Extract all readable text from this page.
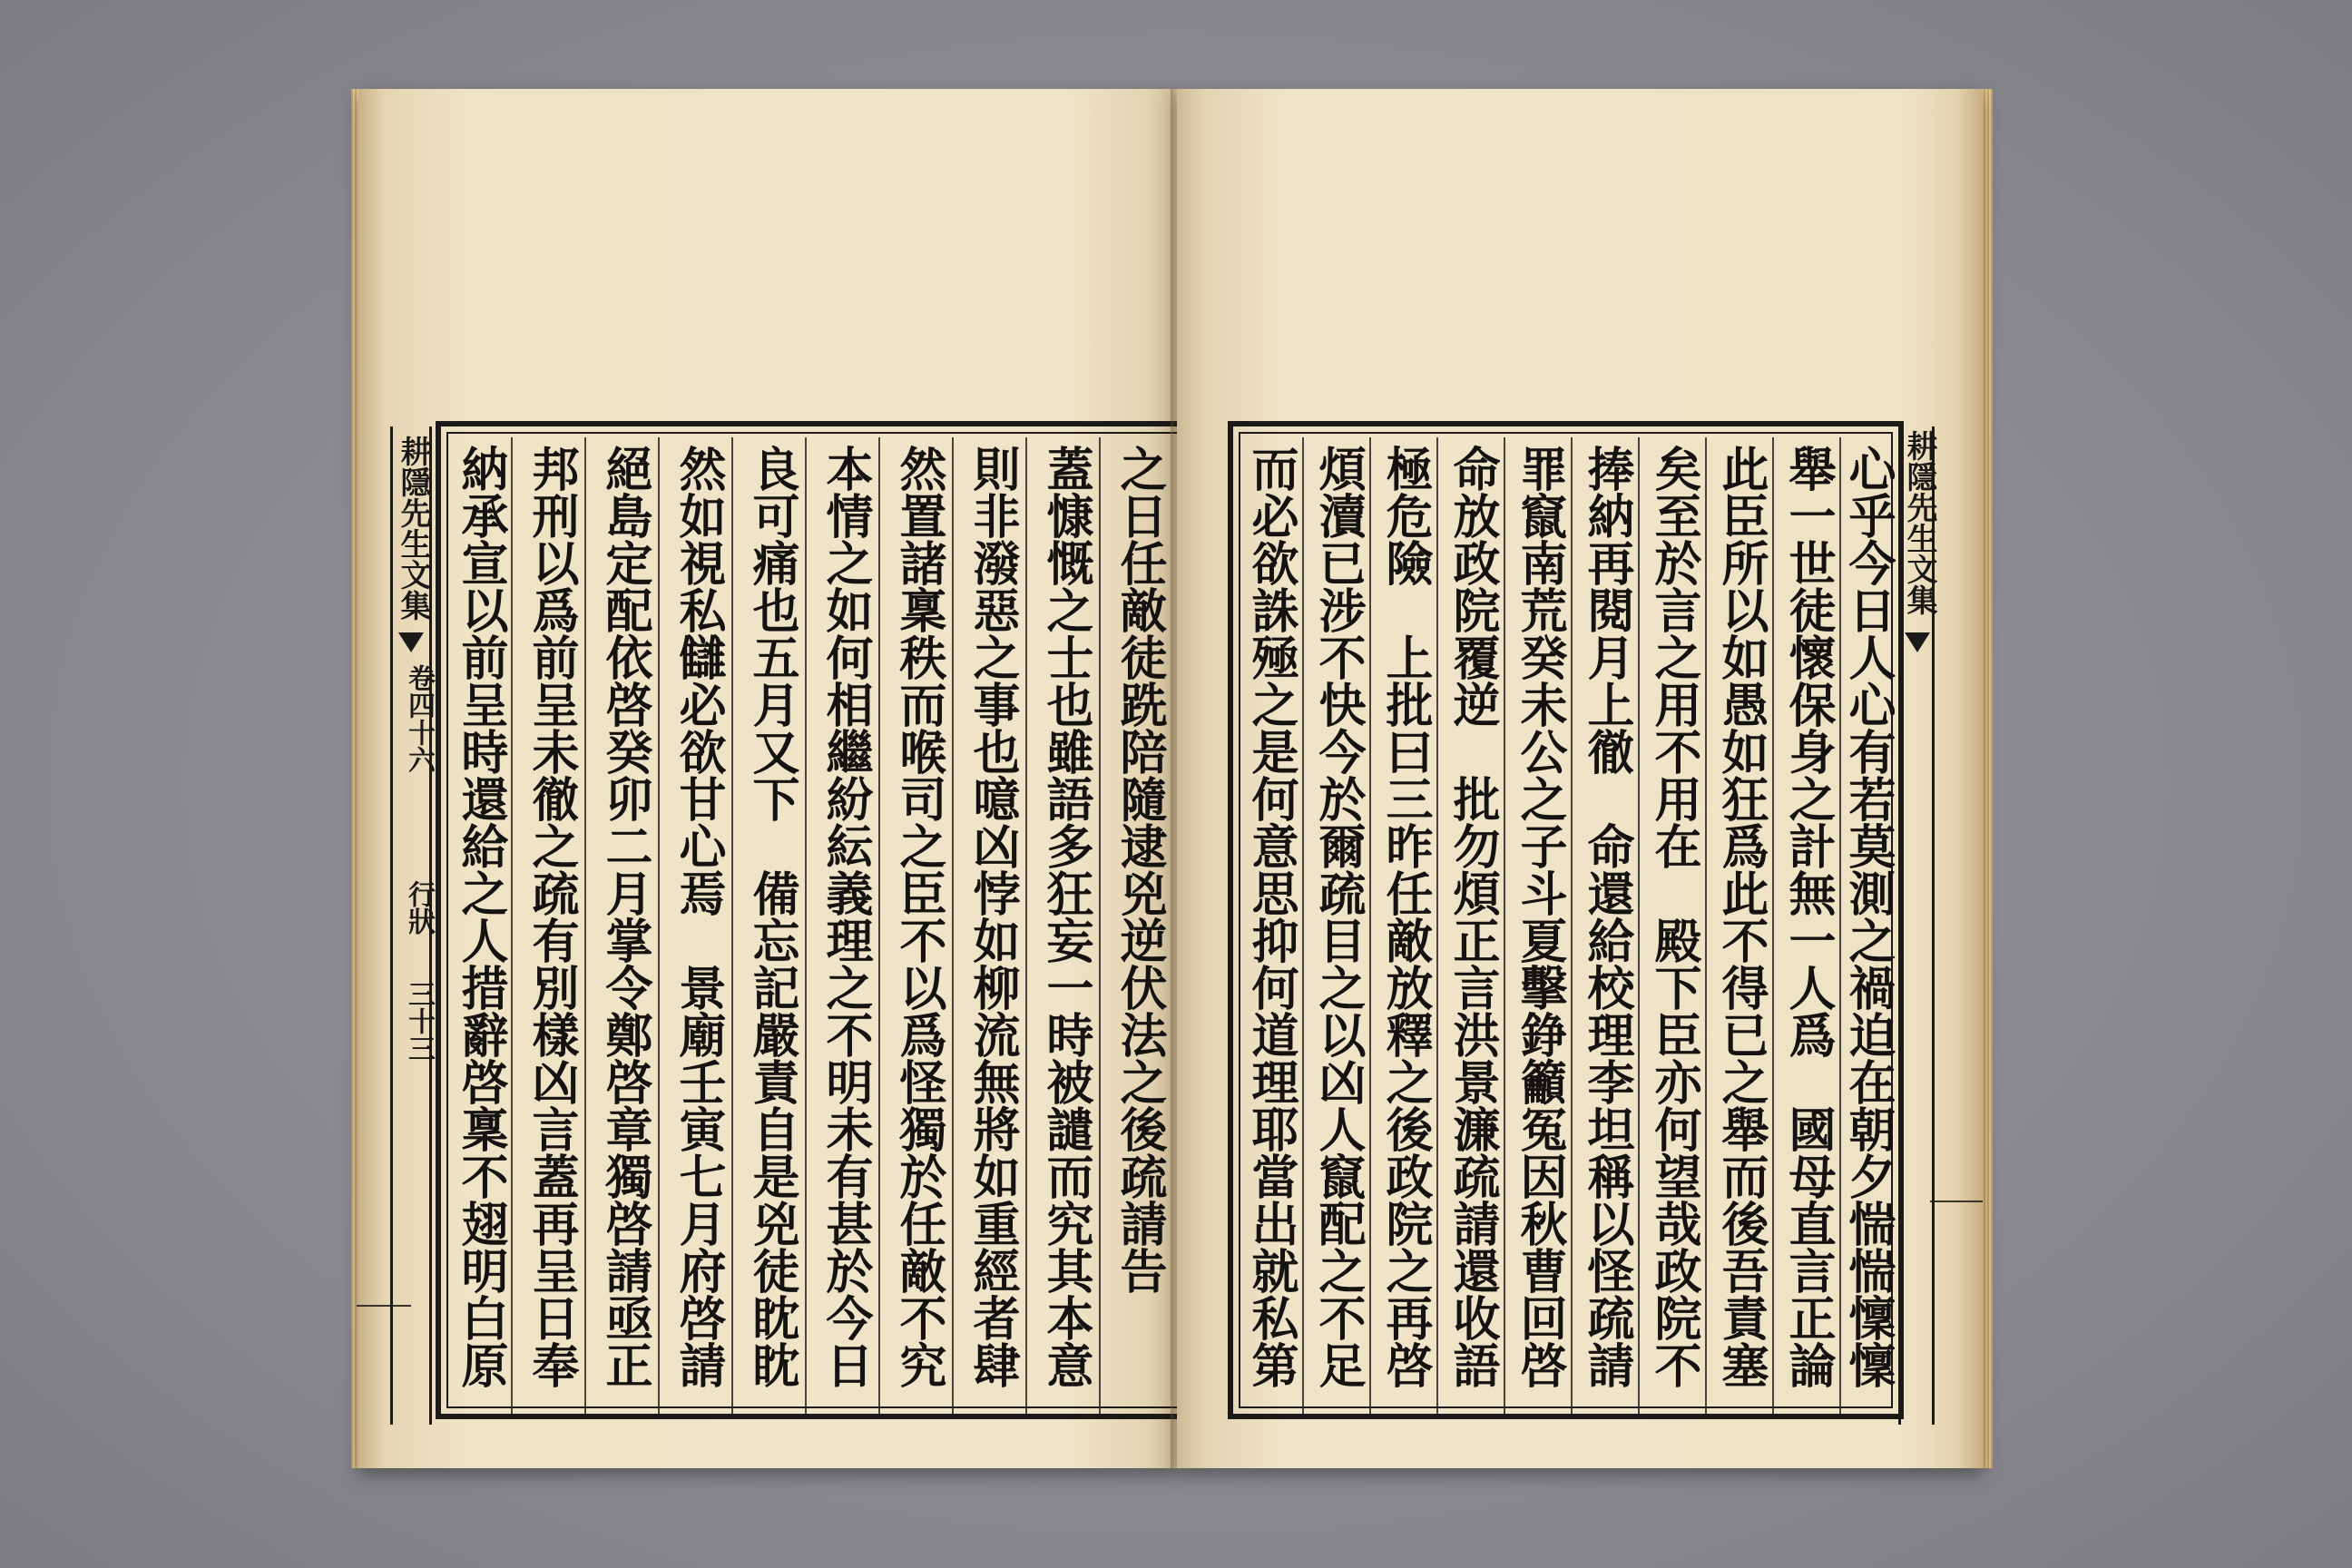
耕隱先生文集
卷四十六
行狀
三十三 納承宣以前呈時還給之人措辭啓稟不翅明白原 邦刑以爲前呈未徹之疏有別樣凶言蓋再呈日奉 絕島定配依啓癸卯二月掌令鄭啓章獨啓請亟正 然如視私讎必欲甘心焉　景廟壬寅七月府啓請 良可痛也五月又下　備忘記嚴責自是兇徒眈眈 本情之如何相繼紛紜義理之不明未有甚於今日 然置諸稟秩而喉司之臣不以爲怪獨於任敵不究 則非潑惡之事也噫凶悖如柳流無將如重經者肆 蓋慷慨之士也雖語多狂妄一時被譴而究其本意 之日任敵徒跣陪隨逮兇逆伏法之後疏請告 而必欲誅殛之是何意思抑何道理耶當出就私第 煩瀆已涉不快今於爾疏目之以凶人竄配之不足 極危險　上批曰三昨任敵放釋之後政院之再啓 命放政院覆逆　批勿煩正言洪景濂疏請還收語 罪竄南荒癸未公之子斗夏擊錚籲冤因秋曹回啓 捧納再閱月上徹　命還給校理李坦稱以怪疏請 矣至於言之用不用在　殿下臣亦何望哉政院不 此臣所以如愚如狂爲此不得已之舉而後吾責塞 舉一世徒懷保身之計無一人爲　國母直言正論 心乎今日人心有若莫測之禍迫在朝夕惴惴懍懍 耕隱先生文集
